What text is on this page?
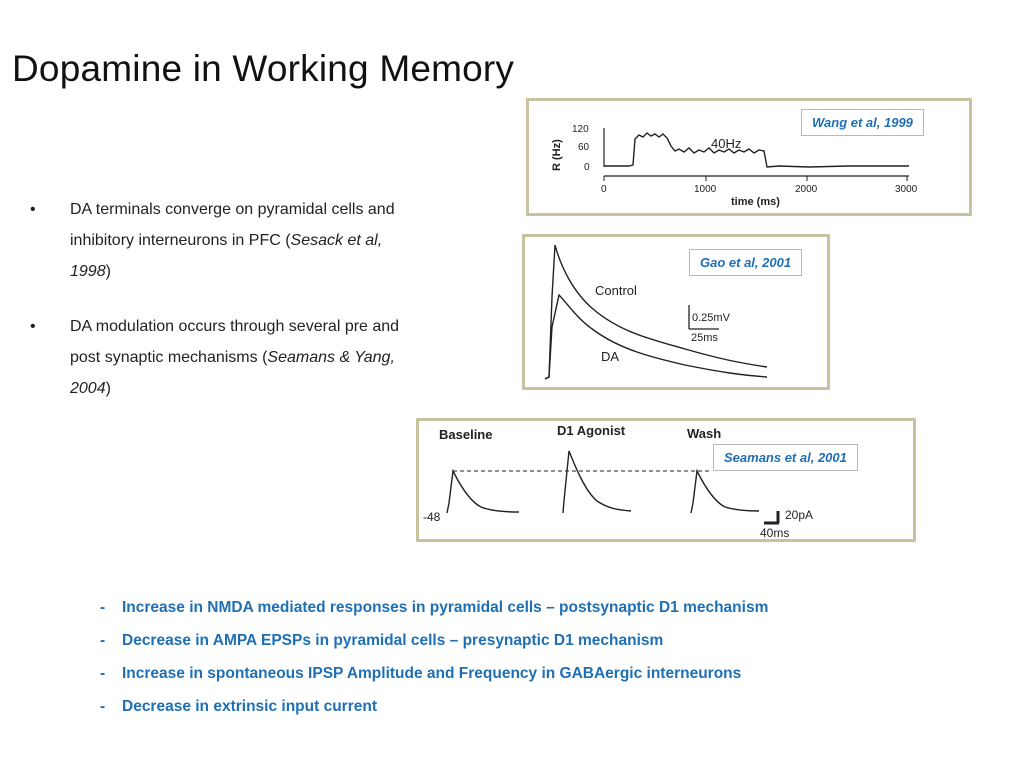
Dopamine in Working Memory
• DA terminals converge on pyramidal cells and inhibitory interneurons in PFC (Sesack et al, 1998)
• DA modulation occurs through several pre and post synaptic mechanisms (Seamans & Yang, 2004)
R (Hz)
120
60
0
40Hz
0	1000	2000	3000
time (ms)
Wang et al, 1999
Control
DA
0.25mV
25ms
Gao et al, 2001
Baseline	D1 Agonist	Wash
-48	20pA
40ms
Seamans et al, 2001
- Increase in NMDA mediated responses in pyramidal cells – postsynaptic D1 mechanism
- Decrease in AMPA EPSPs in pyramidal cells – presynaptic D1 mechanism
- Increase in spontaneous IPSP Amplitude and Frequency in GABAergic interneurons
- Decrease in extrinsic input current
